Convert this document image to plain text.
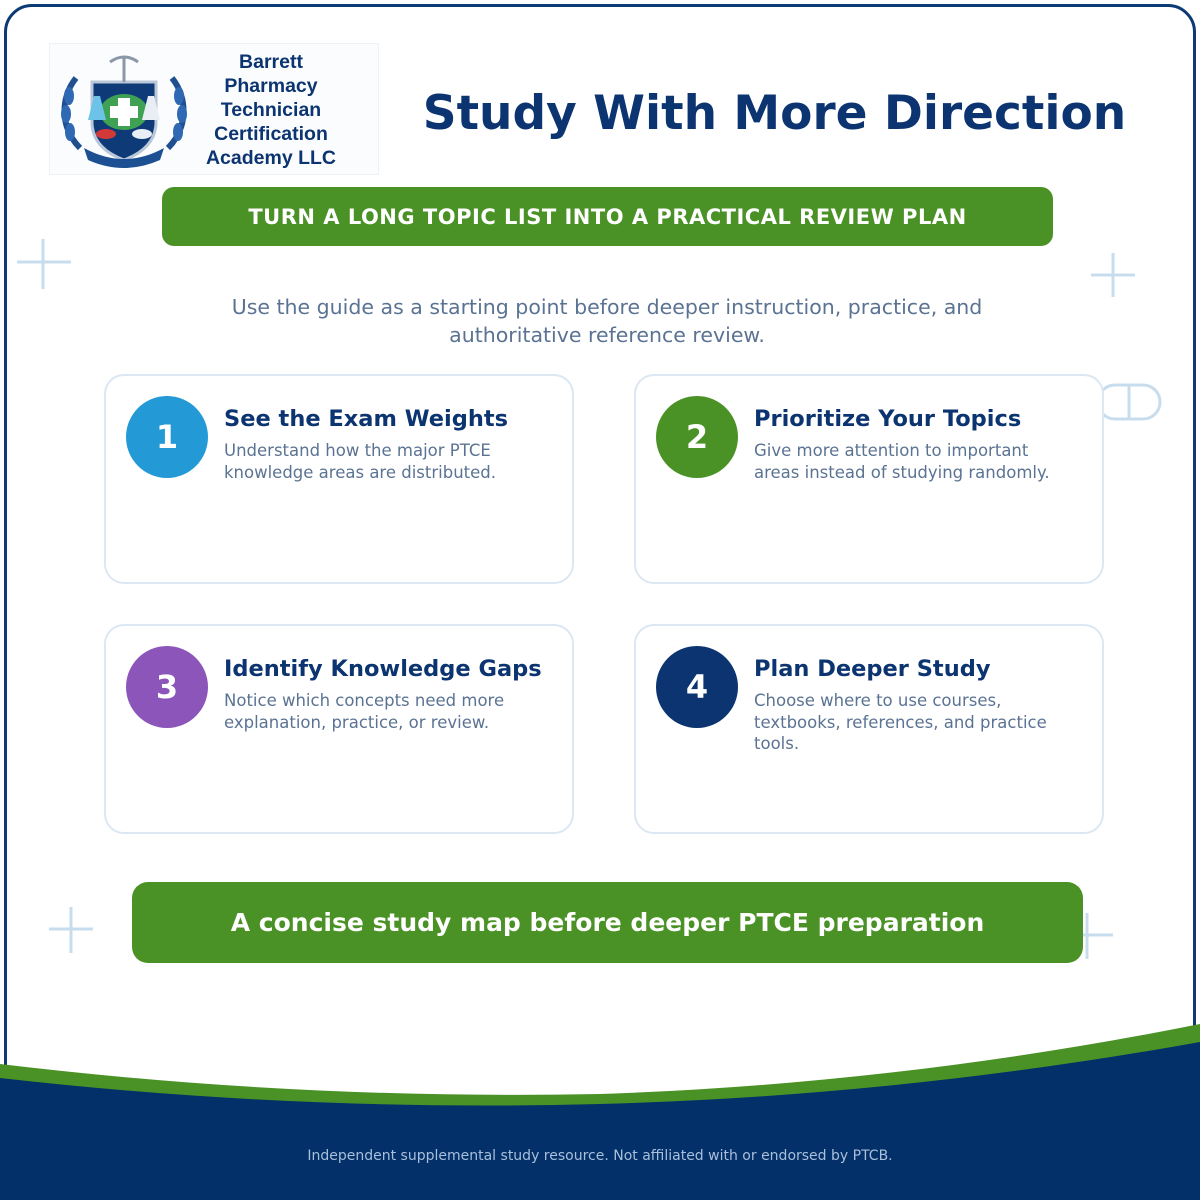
Barrett
Pharmacy
Technician
Certification
Academy LLC
Study With More Direction
TURN A LONG TOPIC LIST INTO A PRACTICAL REVIEW PLAN
Use the guide as a starting point before deeper instruction, practice, and
authoritative reference review.
1	See the Exam Weights
Understand how the major PTCE
knowledge areas are distributed.
2	Prioritize Your Topics
Give more attention to important
areas instead of studying randomly.
3	Identify Knowledge Gaps
Notice which concepts need more
explanation, practice, or review.
4	Plan Deeper Study
Choose where to use courses,
textbooks, references, and practice
tools.
A concise study map before deeper PTCE preparation
Independent supplemental study resource. Not affiliated with or endorsed by PTCB.
